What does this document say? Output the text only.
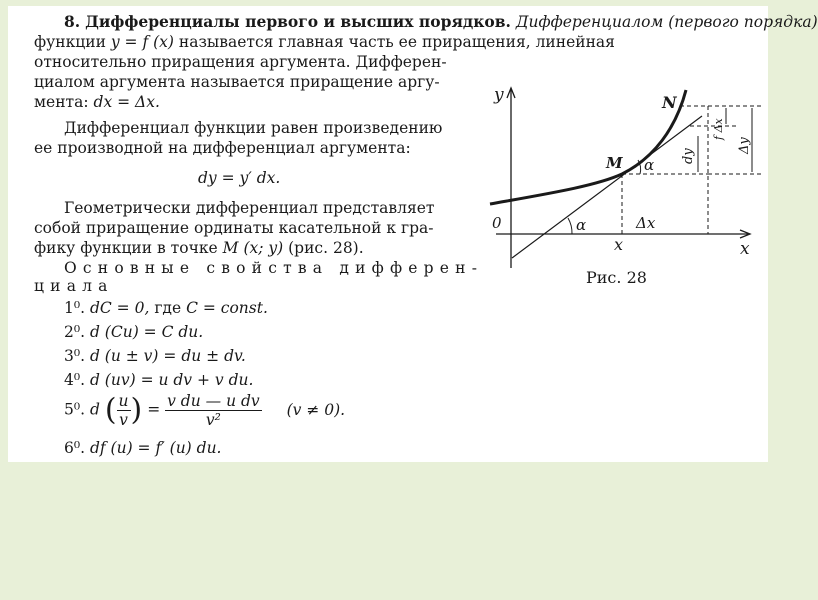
8. Дифференциалы первого и высших порядков. Дифференциалом (первого порядка)
функции y = f (x) называется главная часть ее приращения, линейная
относительно приращения аргумента. Дифферен-
циалом аргумента называется приращение аргу-
мента: dx = Δx.
Дифференциал функции равен произведению
ее производной на дифференциал аргумента:
dy = y′ dx.
Геометрически дифференциал представляет
собой приращение ординаты касательной к гра-
фику функции в точке M (x; y) (рис. 28).
Основные свойства дифферен-
циала
1⁰. dC = 0, где C = const.
2⁰. d (Cu) = C du.
3⁰. d (u ± v) = du ± dv.
4⁰. d (uv) = u dv + v du.
5⁰. d ( $\frac{u}{v}$ ) = $\frac{\text{v du — u dv}}{\text{v²}} (v \ne 0)$.
6⁰. df (u) = f′ (u) du.
y
x
x
0
N
M α
α	Δx
dy
f Δx
Δy
Рис. 28
